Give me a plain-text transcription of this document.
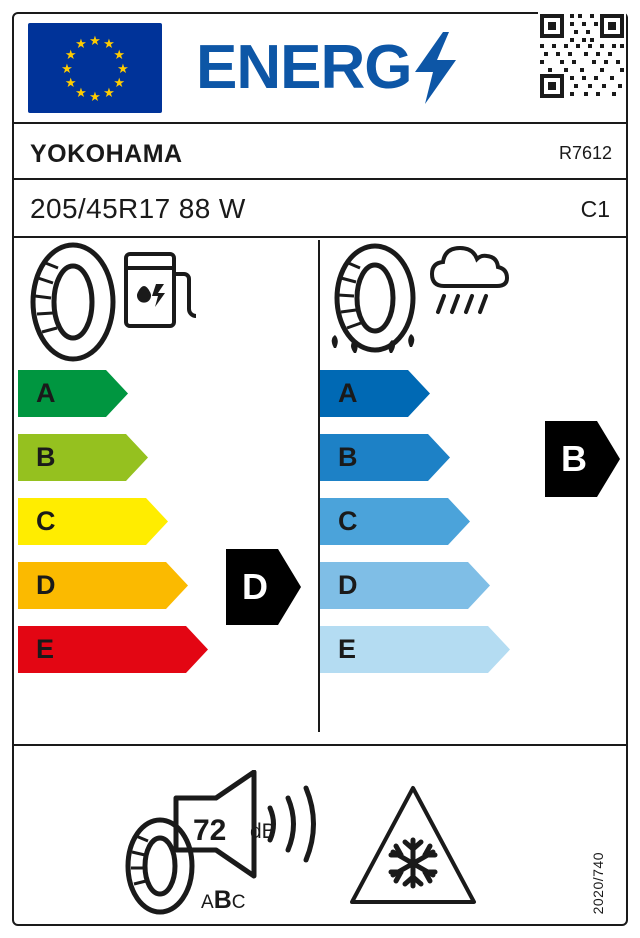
★ ★
★
★
★
★
★
★
★
★
★
★ ENERG
YOKOHAMA	R7612
205/45R17 88 W	C1
A
B
C
D
E
D
A
B
C
D
E
B
72 dB
ABC	2020/740
